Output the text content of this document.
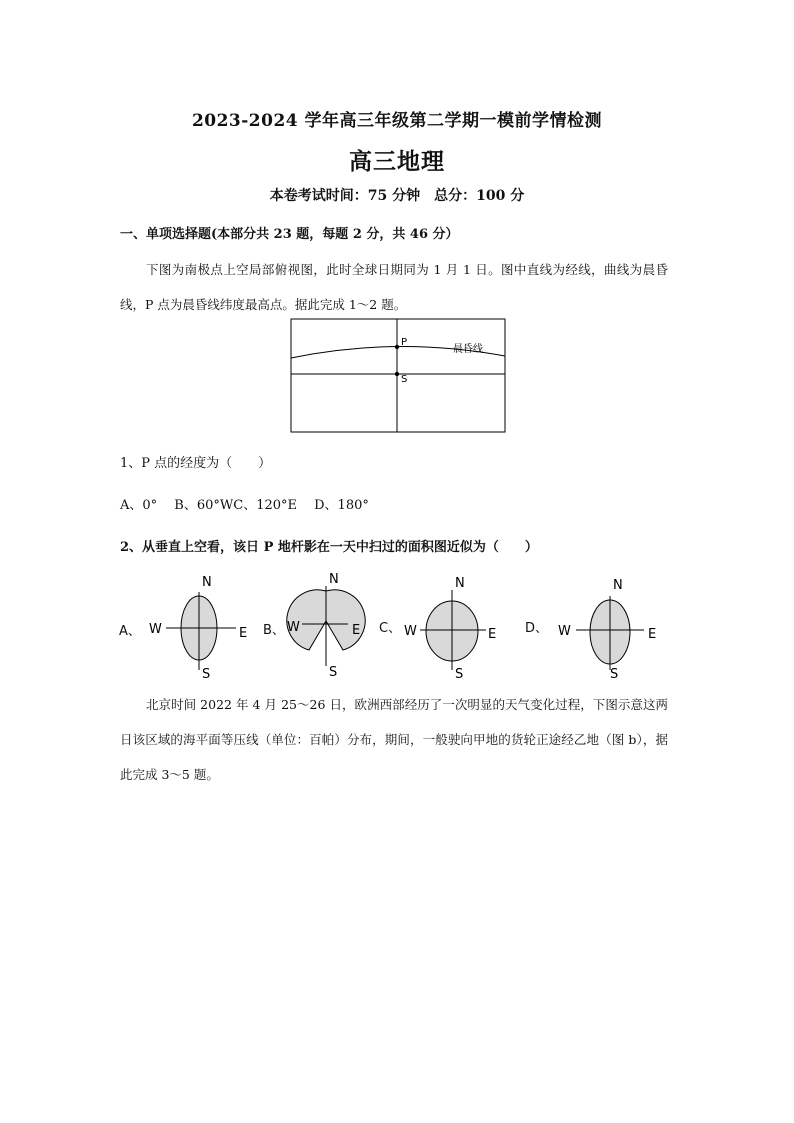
2023-2024 学年高三年级第二学期一模前学情检测
高三地理
本卷考试时间：75 分钟　总分：100 分
一、单项选择题(本部分共 23 题，每题 2 分，共 46 分）
下图为南极点上空局部俯视图，此时全球日期同为 1 月 1 日。图中直线为经线，曲线为晨昏线，P 点为晨昏线纬度最高点。据此完成 1～2 题。
P
S
晨昏线
1、P 点的经度为（　　）
A、0°　 B、60°WC、120°E　 D、180°
2、从垂直上空看，该日 P 地杆影在一天中扫过的面积图近似为（　　）
A、
N
S
W	E B、
N
S
W	E C、
N
S
W	E D、
N
S
W	E
北京时间 2022 年 4 月 25～26 日，欧洲西部经历了一次明显的天气变化过程，下图示意这两日该区域的海平面等压线（单位：百帕）分布，期间，一般驶向甲地的货轮正途经乙地（图 b），据此完成 3～5 题。
